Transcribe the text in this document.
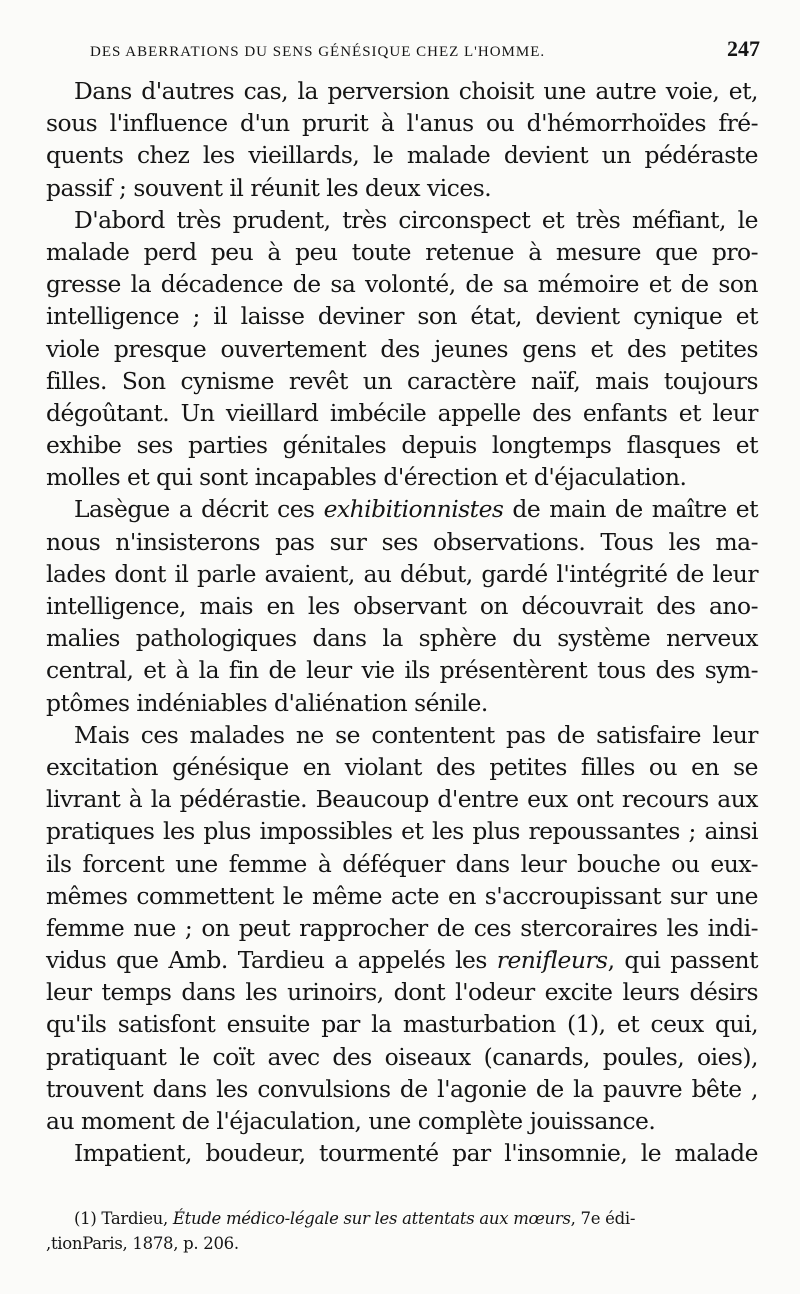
DES ABERRATIONS DU SENS GÉNÉSIQUE CHEZ L'HOMME.	247
Dans d'autres cas, la perversion choisit une autre voie, et,
sous l'influence d'un prurit à l'anus ou d'hémorrhoïdes fré-
quents chez les vieillards, le malade devient un pédéraste
passif ; souvent il réunit les deux vices.
D'abord très prudent, très circonspect et très méfiant, le
malade perd peu à peu toute retenue à mesure que pro-
gresse la décadence de sa volonté, de sa mémoire et de son
intelligence ; il laisse deviner son état, devient cynique et
viole presque ouvertement des jeunes gens et des petites
filles. Son cynisme revêt un caractère naïf, mais toujours
dégoûtant. Un vieillard imbécile appelle des enfants et leur
exhibe ses parties génitales depuis longtemps flasques et
molles et qui sont incapables d'érection et d'éjaculation.
Lasègue a décrit ces exhibitionnistes de main de maître et
nous n'insisterons pas sur ses observations. Tous les ma-
lades dont il parle avaient, au début, gardé l'intégrité de leur
intelligence, mais en les observant on découvrait des ano-
malies pathologiques dans la sphère du système nerveux
central, et à la fin de leur vie ils présentèrent tous des sym-
ptômes indéniables d'aliénation sénile.
Mais ces malades ne se contentent pas de satisfaire leur
excitation génésique en violant des petites filles ou en se
livrant à la pédérastie. Beaucoup d'entre eux ont recours aux
pratiques les plus impossibles et les plus repoussantes ; ainsi
ils forcent une femme à déféquer dans leur bouche ou eux-
mêmes commettent le même acte en s'accroupissant sur une
femme nue ; on peut rapprocher de ces stercoraires les indi-
vidus que Amb. Tardieu a appelés les renifleurs, qui passent
leur temps dans les urinoirs, dont l'odeur excite leurs désirs
qu'ils satisfont ensuite par la masturbation (1), et ceux qui,
pratiquant le coït avec des oiseaux (canards, poules, oies),
trouvent dans les convulsions de l'agonie de la pauvre bête ,
au moment de l'éjaculation, une complète jouissance.
Impatient, boudeur, tourmenté par l'insomnie, le malade
(1) Tardieu, Étude médico-légale sur les attentats aux mœurs, 7e édi-
,tionParis, 1878, p. 206.
